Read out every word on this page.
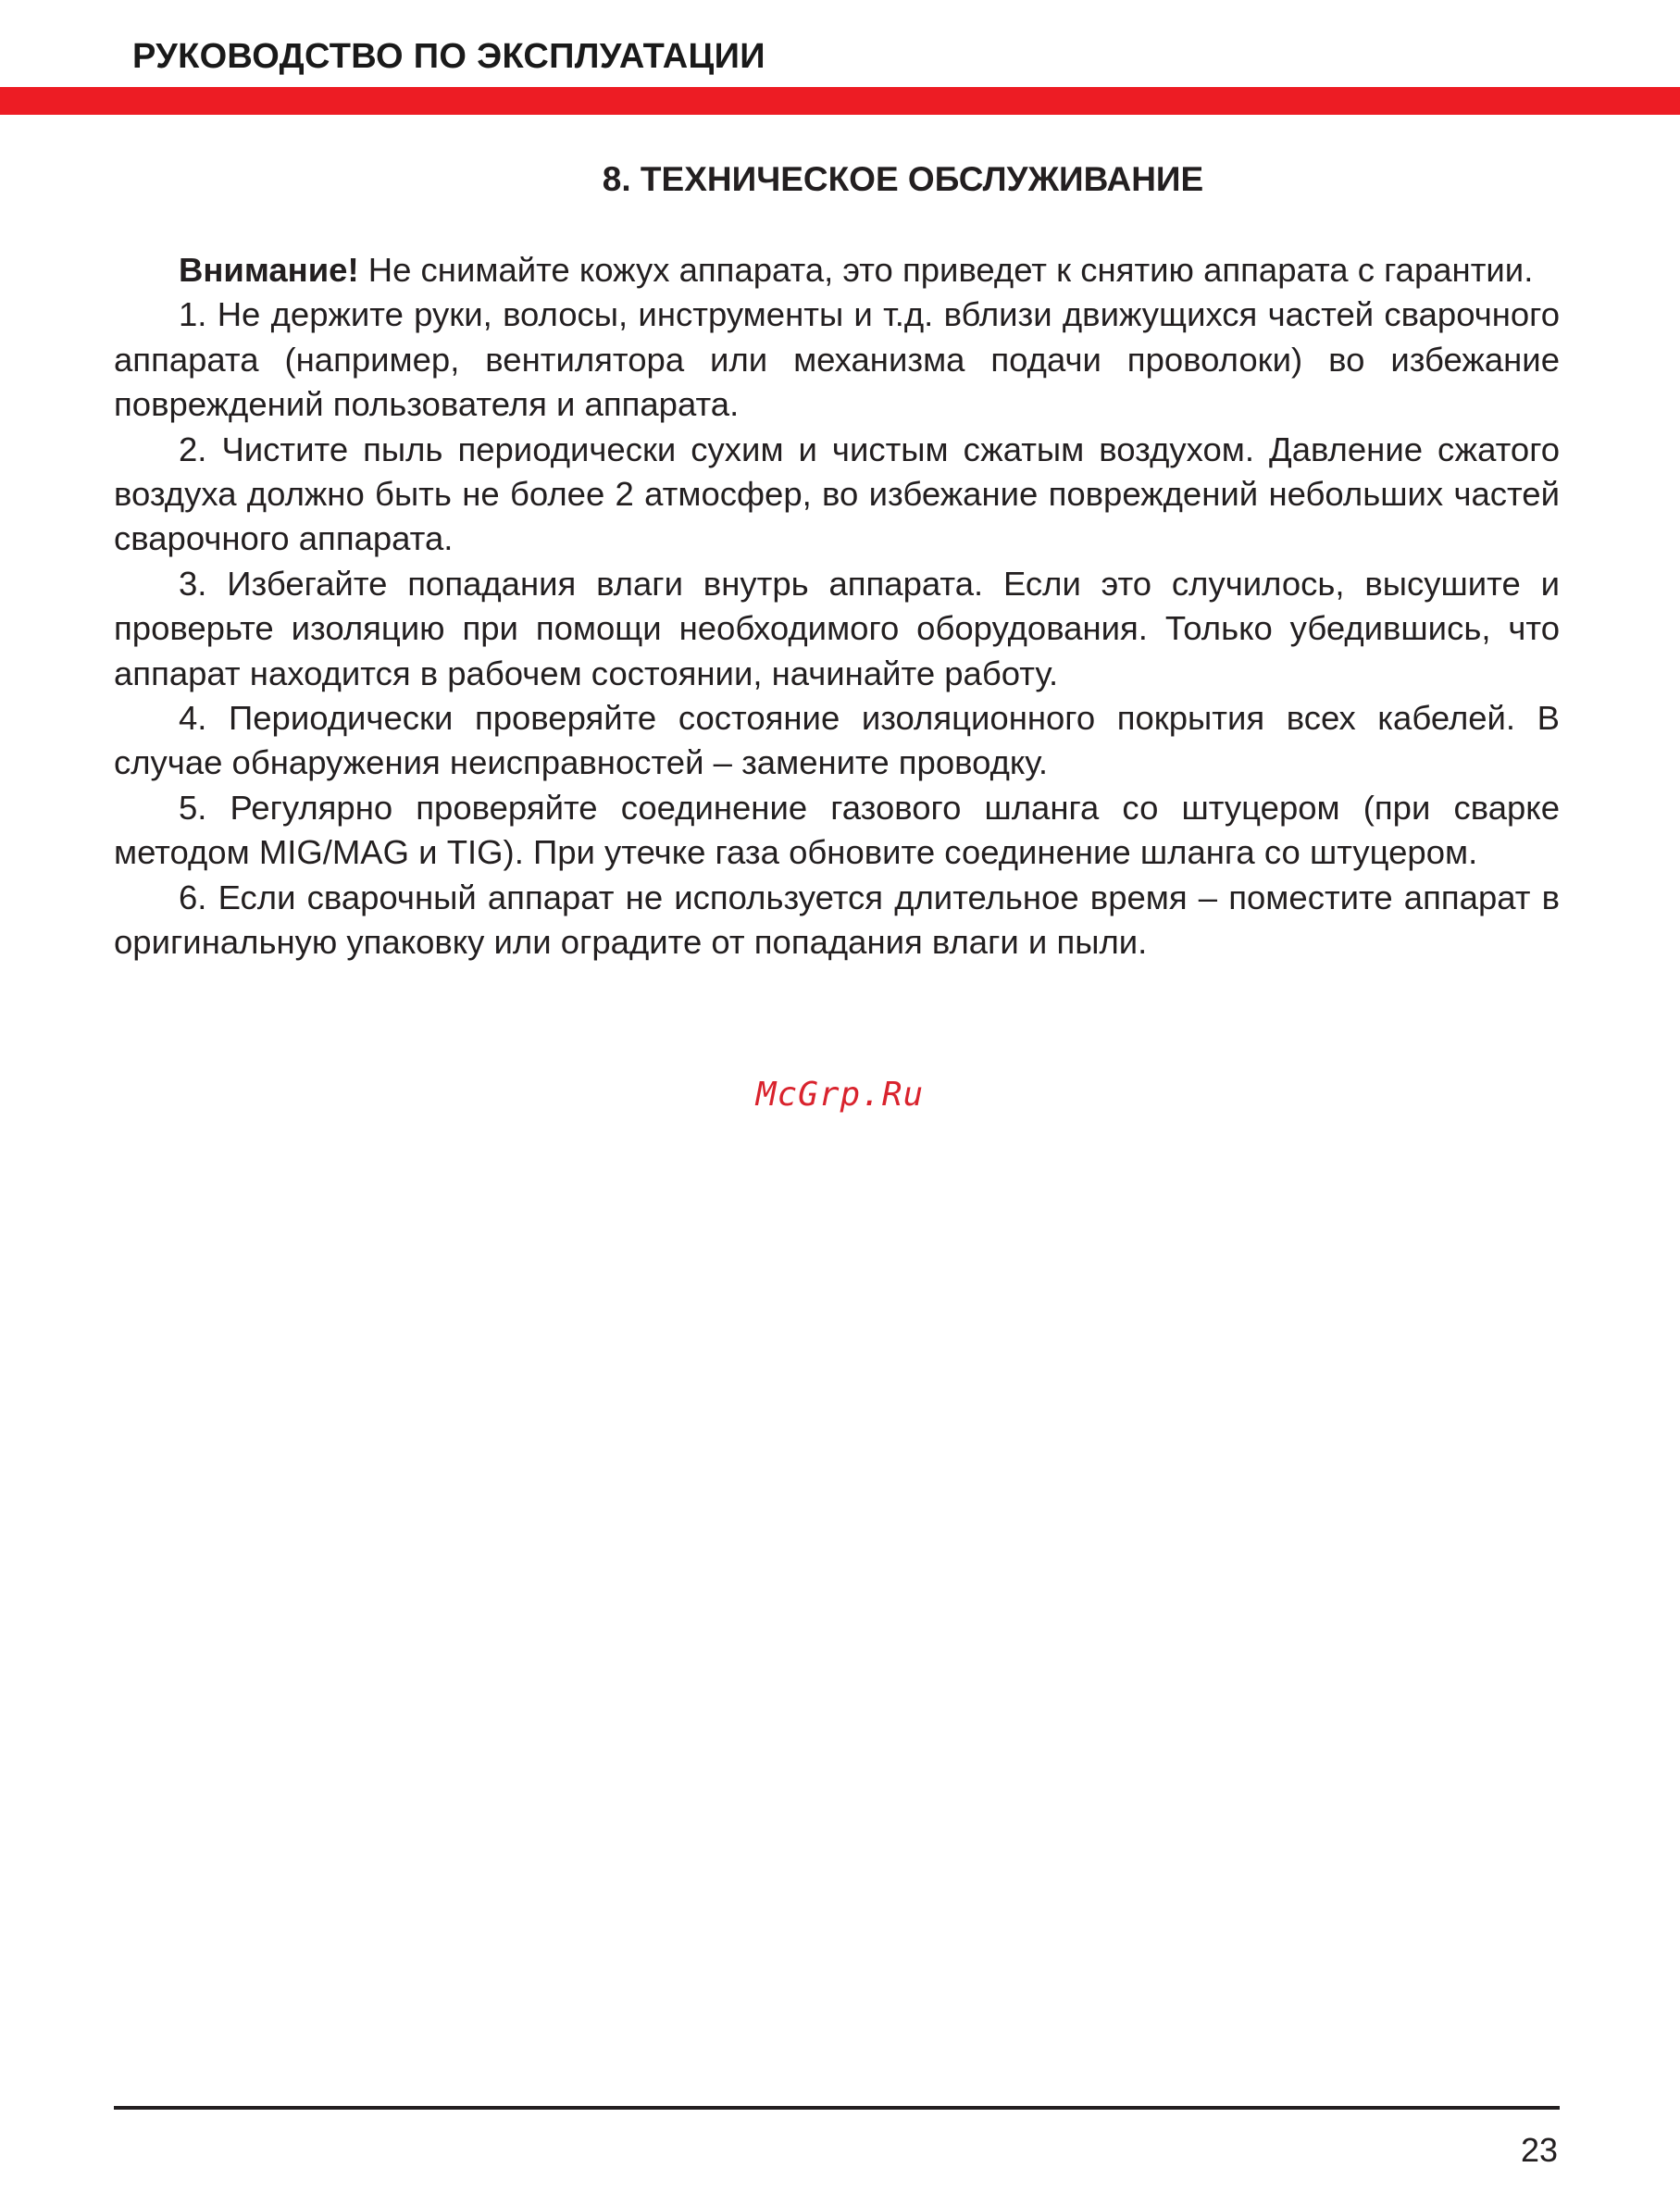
РУКОВОДСТВО ПО ЭКСПЛУАТАЦИИ
8. ТЕХНИЧЕСКОЕ ОБСЛУЖИВАНИЕ

Внимание! Не снимайте кожух аппарата, это приведет к снятию аппарата с гарантии.

1. Не держите руки, волосы, инструменты и т.д. вблизи движущихся частей сварочного аппарата (например, вентилятора или механизма подачи проволоки) во избежание повреждений пользователя и аппарата.

2. Чистите пыль периодически сухим и чистым сжатым воздухом. Давление сжатого воздуха должно быть не более 2 атмосфер, во избежание повреждений небольших частей сварочного аппарата.

3. Избегайте попадания влаги внутрь аппарата. Если это случилось, высушите и проверьте изоляцию при помощи необходимого оборудования. Только убедившись, что аппарат находится в рабочем состоянии, начинайте работу.

4. Периодически проверяйте состояние изоляционного покрытия всех кабелей. В случае обнаружения неисправностей – замените проводку.

5. Регулярно проверяйте соединение газового шланга со штуцером (при сварке методом MIG/MAG и TIG). При утечке газа обновите соединение шланга со штуцером.

6. Если сварочный аппарат не используется длительное время – поместите аппарат в оригинальную упаковку или оградите от попадания влаги и пыли.

McGrp.Ru
23
